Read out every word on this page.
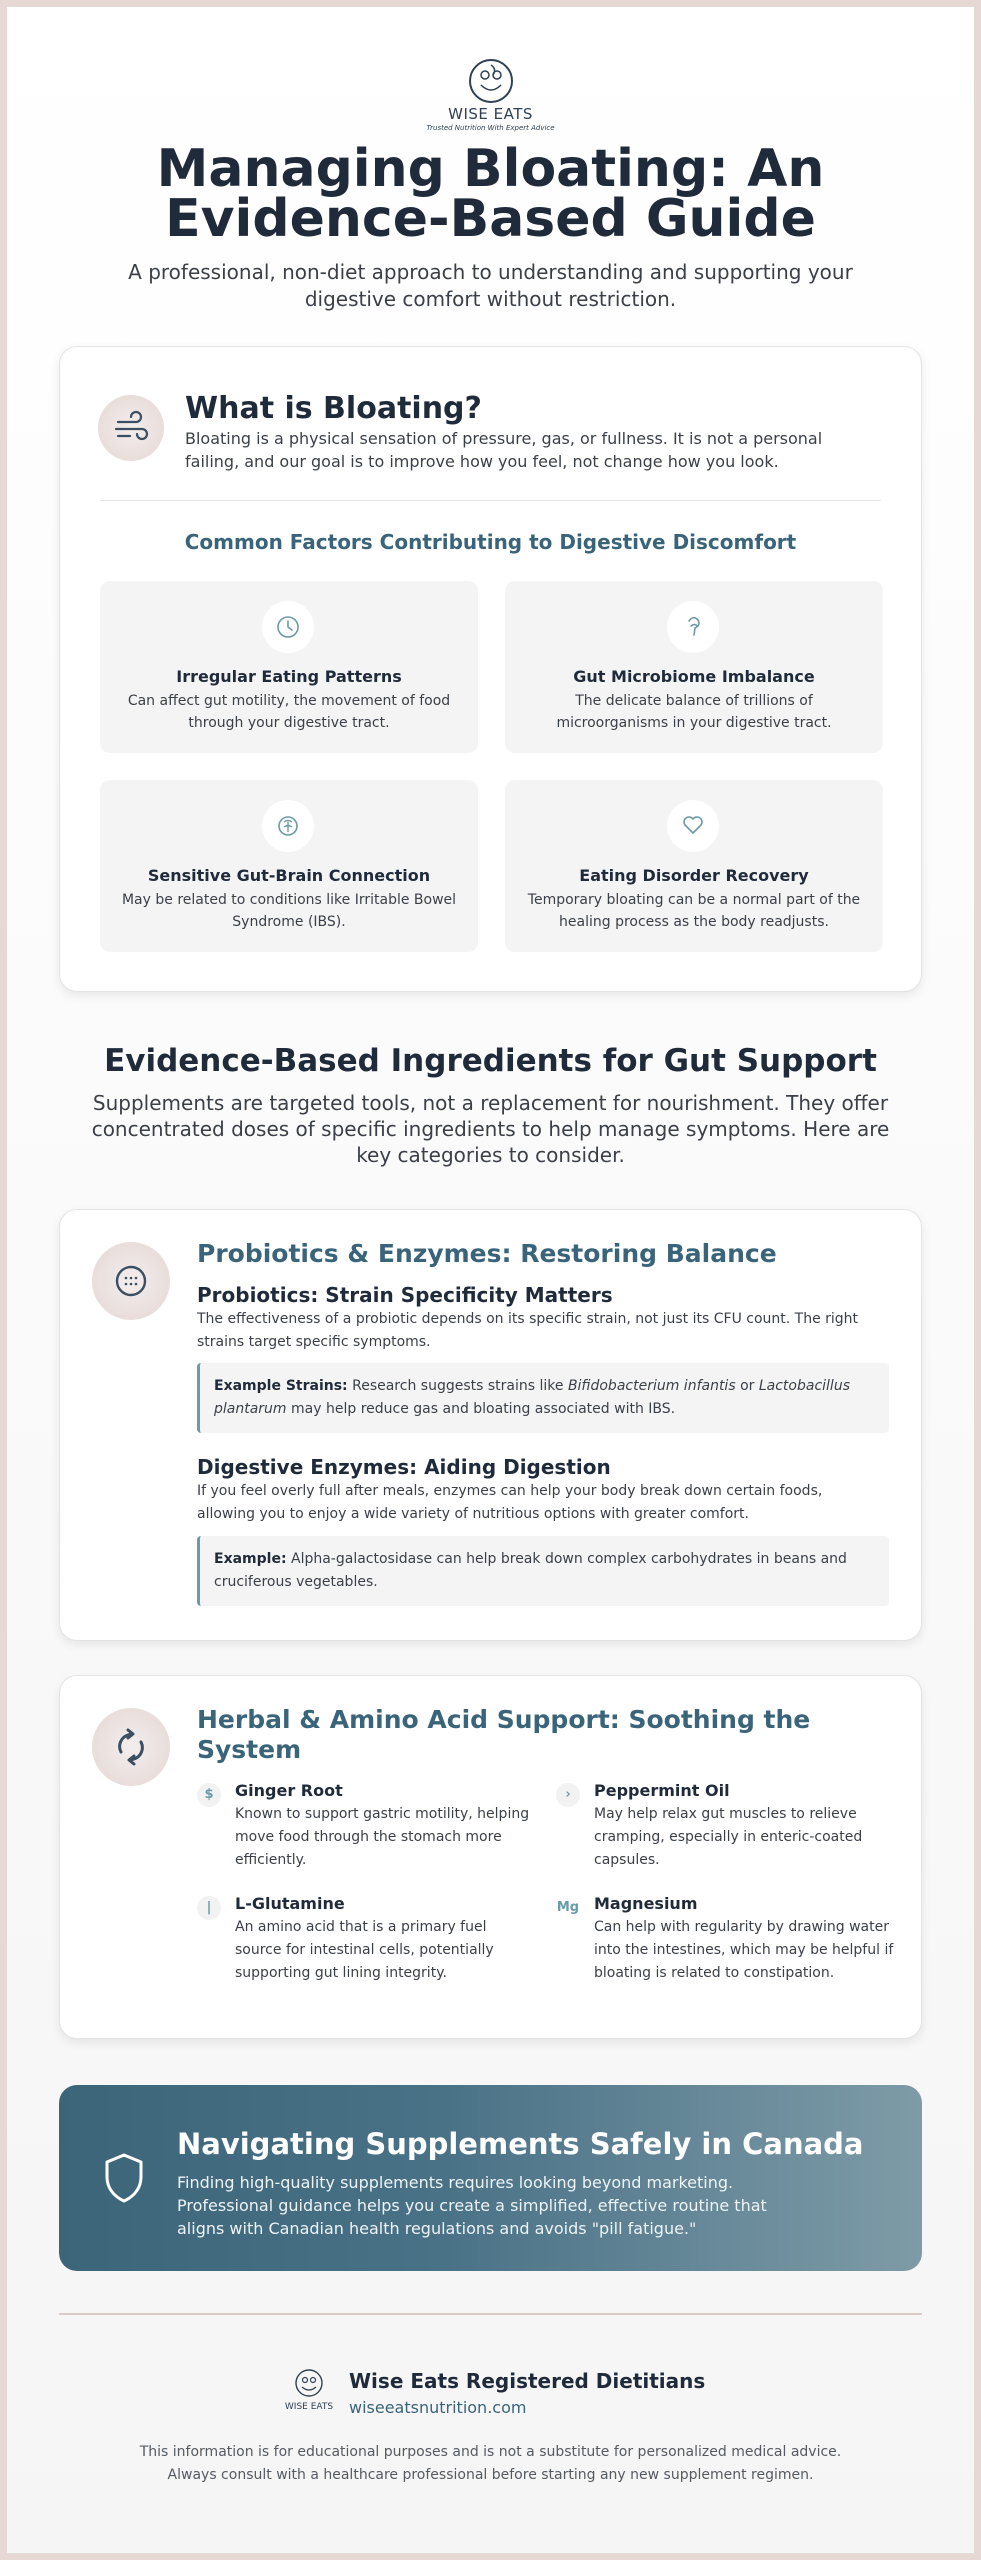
WISE EATS
Trusted Nutrition With Expert Advice
Managing Bloating: An Evidence-Based Guide

A professional, non-diet approach to understanding and supporting your digestive comfort without restriction.

What is Bloating?

Bloating is a physical sensation of pressure, gas, or fullness. It is not a personal failing, and our goal is to improve how you feel, not change how you look.

Common Factors Contributing to Digestive Discomfort
Irregular Eating Patterns
Can affect gut motility, the movement of food through your digestive tract.
Gut Microbiome Imbalance
The delicate balance of trillions of microorganisms in your digestive tract.
Sensitive Gut-Brain Connection
May be related to conditions like Irritable Bowel Syndrome (IBS).
Eating Disorder Recovery
Temporary bloating can be a normal part of the healing process as the body readjusts.
Evidence-Based Ingredients for Gut Support

Supplements are targeted tools, not a replacement for nourishment. They offer concentrated doses of specific ingredients to help manage symptoms. Here are key categories to consider.

Probiotics & Enzymes: Restoring Balance
Probiotics: Strain Specificity Matters

The effectiveness of a probiotic depends on its specific strain, not just its CFU count. The right strains target specific symptoms.

Example Strains: Research suggests strains like Bifidobacterium infantis or Lactobacillus plantarum may help reduce gas and bloating associated with IBS.
Digestive Enzymes: Aiding Digestion

If you feel overly full after meals, enzymes can help your body break down certain foods, allowing you to enjoy a wide variety of nutritious options with greater comfort.

Example: Alpha-galactosidase can help break down complex carbohydrates in beans and cruciferous vegetables.
Herbal & Amino Acid Support: Soothing the System
$	Ginger Root
Known to support gastric motility, helping move food through the stomach more efficiently.
›	Peppermint Oil
May help relax gut muscles to relieve cramping, especially in enteric-coated capsules.
|	L-Glutamine
An amino acid that is a primary fuel source for intestinal cells, potentially supporting gut lining integrity.
Mg Magnesium
Can help with regularity by drawing water into the intestines, which may be helpful if bloating is related to constipation.
Navigating Supplements Safely in Canada

Finding high-quality supplements requires looking beyond marketing. Professional guidance helps you create a simplified, effective routine that aligns with Canadian health regulations and avoids "pill fatigue."

WISE EATS
Wise Eats Registered Dietitians
wiseeatsnutrition.com

This information is for educational purposes and is not a substitute for personalized medical advice. Always consult with a healthcare professional before starting any new supplement regimen.
